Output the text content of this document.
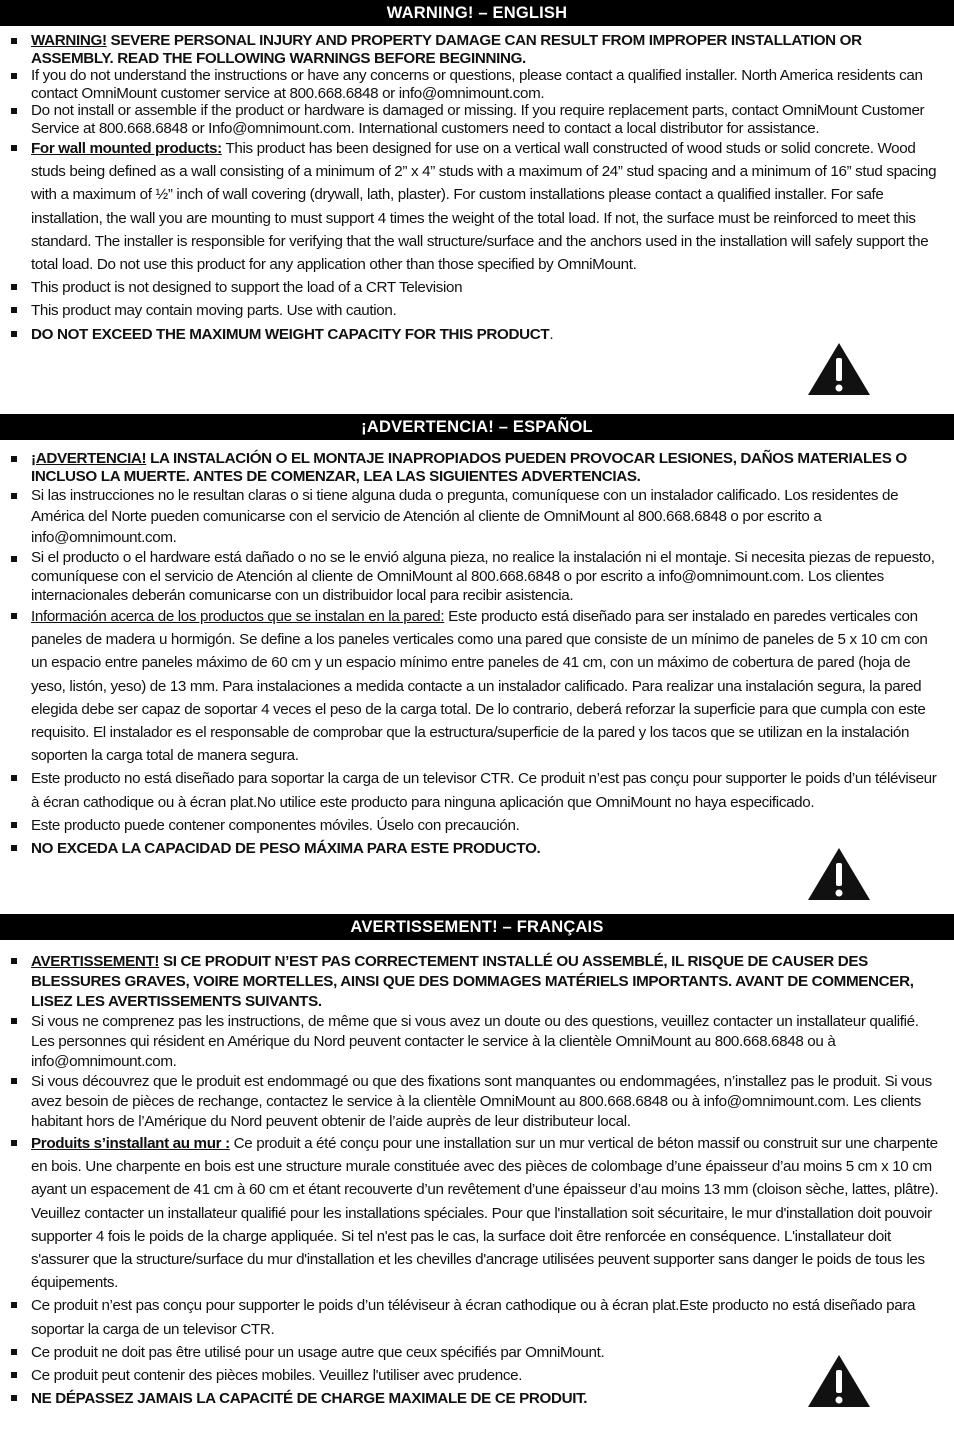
WARNING! – ENGLISH
WARNING! SEVERE PERSONAL INJURY AND PROPERTY DAMAGE CAN RESULT FROM IMPROPER INSTALLATION OR ASSEMBLY. READ THE FOLLOWING WARNINGS BEFORE BEGINNING.
If you do not understand the instructions or have any concerns or questions, please contact a qualified installer. North America residents can contact OmniMount customer service at 800.668.6848 or info@omnimount.com.
Do not install or assemble if the product or hardware is damaged or missing. If you require replacement parts, contact OmniMount Customer Service at 800.668.6848 or Info@omnimount.com. International customers need to contact a local distributor for assistance.
For wall mounted products: This product has been designed for use on a vertical wall constructed of wood studs or solid concrete. Wood studs being defined as a wall consisting of a minimum of 2” x 4” studs with a maximum of 24” stud spacing and a minimum of 16” stud spacing with a maximum of ½” inch of wall covering (drywall, lath, plaster). For custom installations please contact a qualified installer. For safe installation, the wall you are mounting to must support 4 times the weight of the total load. If not, the surface must be reinforced to meet this standard. The installer is responsible for verifying that the wall structure/surface and the anchors used in the installation will safely support the total load. Do not use this product for any application other than those specified by OmniMount.
This product is not designed to support the load of a CRT Television
This product may contain moving parts. Use with caution.
DO NOT EXCEED THE MAXIMUM WEIGHT CAPACITY FOR THIS PRODUCT.
¡ADVERTENCIA! – ESPAÑOL
¡ADVERTENCIA! LA INSTALACIÓN O EL MONTAJE INAPROPIADOS PUEDEN PROVOCAR LESIONES, DAÑOS MATERIALES O INCLUSO LA MUERTE. ANTES DE COMENZAR, LEA LAS SIGUIENTES ADVERTENCIAS.
Si las instrucciones no le resultan claras o si tiene alguna duda o pregunta, comuníquese con un instalador calificado. Los residentes de América del Norte pueden comunicarse con el servicio de Atención al cliente de OmniMount al 800.668.6848 o por escrito a info@omnimount.com.
Si el producto o el hardware está dañado o no se le envió alguna pieza, no realice la instalación ni el montaje. Si necesita piezas de repuesto, comuníquese con el servicio de Atención al cliente de OmniMount al 800.668.6848 o por escrito a info@omnimount.com. Los clientes internacionales deberán comunicarse con un distribuidor local para recibir asistencia.
Información acerca de los productos que se instalan en la pared: Este producto está diseñado para ser instalado en paredes verticales con paneles de madera u hormigón. Se define a los paneles verticales como una pared que consiste de un mínimo de paneles de 5 x 10 cm con un espacio entre paneles máximo de 60 cm y un espacio mínimo entre paneles de 41 cm, con un máximo de cobertura de pared (hoja de yeso, listón, yeso) de 13 mm. Para instalaciones a medida contacte a un instalador calificado. Para realizar una instalación segura, la pared elegida debe ser capaz de soportar 4 veces el peso de la carga total. De lo contrario, deberá reforzar la superficie para que cumpla con este requisito. El instalador es el responsable de comprobar que la estructura/superficie de la pared y los tacos que se utilizan en la instalación soporten la carga total de manera segura.
Este producto no está diseñado para soportar la carga de un televisor CTR. Ce produit n’est pas conçu pour supporter le poids d’un téléviseur à écran cathodique ou à écran plat.No utilice este producto para ninguna aplicación que OmniMount no haya especificado.
Este producto puede contener componentes móviles. Úselo con precaución.
NO EXCEDA LA CAPACIDAD DE PESO MÁXIMA PARA ESTE PRODUCTO.
AVERTISSEMENT! – FRANÇAIS
AVERTISSEMENT! SI CE PRODUIT N’EST PAS CORRECTEMENT INSTALLÉ OU ASSEMBLÉ, IL RISQUE DE CAUSER DES BLESSURES GRAVES, VOIRE MORTELLES, AINSI QUE DES DOMMAGES MATÉRIELS IMPORTANTS. AVANT DE COMMENCER, LISEZ LES AVERTISSEMENTS SUIVANTS.
Si vous ne comprenez pas les instructions, de même que si vous avez un doute ou des questions, veuillez contacter un installateur qualifié. Les personnes qui résident en Amérique du Nord peuvent contacter le service à la clientèle OmniMount au 800.668.6848 ou à info@omnimount.com.
Si vous découvrez que le produit est endommagé ou que des fixations sont manquantes ou endommagées, n’installez pas le produit. Si vous avez besoin de pièces de rechange, contactez le service à la clientèle OmniMount au 800.668.6848 ou à info@omnimount.com. Les clients habitant hors de l’Amérique du Nord peuvent obtenir de l’aide auprès de leur distributeur local.
Produits s’installant au mur : Ce produit a été conçu pour une installation sur un mur vertical de béton massif ou construit sur une charpente en bois. Une charpente en bois est une structure murale constituée avec des pièces de colombage d’une épaisseur d’au moins 5 cm x 10 cm ayant un espacement de 41 cm à 60 cm et étant recouverte d’un revêtement d’une épaisseur d’au moins 13 mm (cloison sèche, lattes, plâtre). Veuillez contacter un installateur qualifié pour les installations spéciales. Pour que l'installation soit sécuritaire, le mur d'installation doit pouvoir supporter 4 fois le poids de la charge appliquée. Si tel n'est pas le cas, la surface doit être renforcée en conséquence. L'installateur doit s'assurer que la structure/surface du mur d'installation et les chevilles d'ancrage utilisées peuvent supporter sans danger le poids de tous les équipements.
Ce produit n’est pas conçu pour supporter le poids d’un téléviseur à écran cathodique ou à écran plat.Este producto no está diseñado para soportar la carga de un televisor CTR.
Ce produit ne doit pas être utilisé pour un usage autre que ceux spécifiés par OmniMount.
Ce produit peut contenir des pièces mobiles. Veuillez l'utiliser avec prudence.
NE DÉPASSEZ JAMAIS LA CAPACITÉ DE CHARGE MAXIMALE DE CE PRODUIT.
